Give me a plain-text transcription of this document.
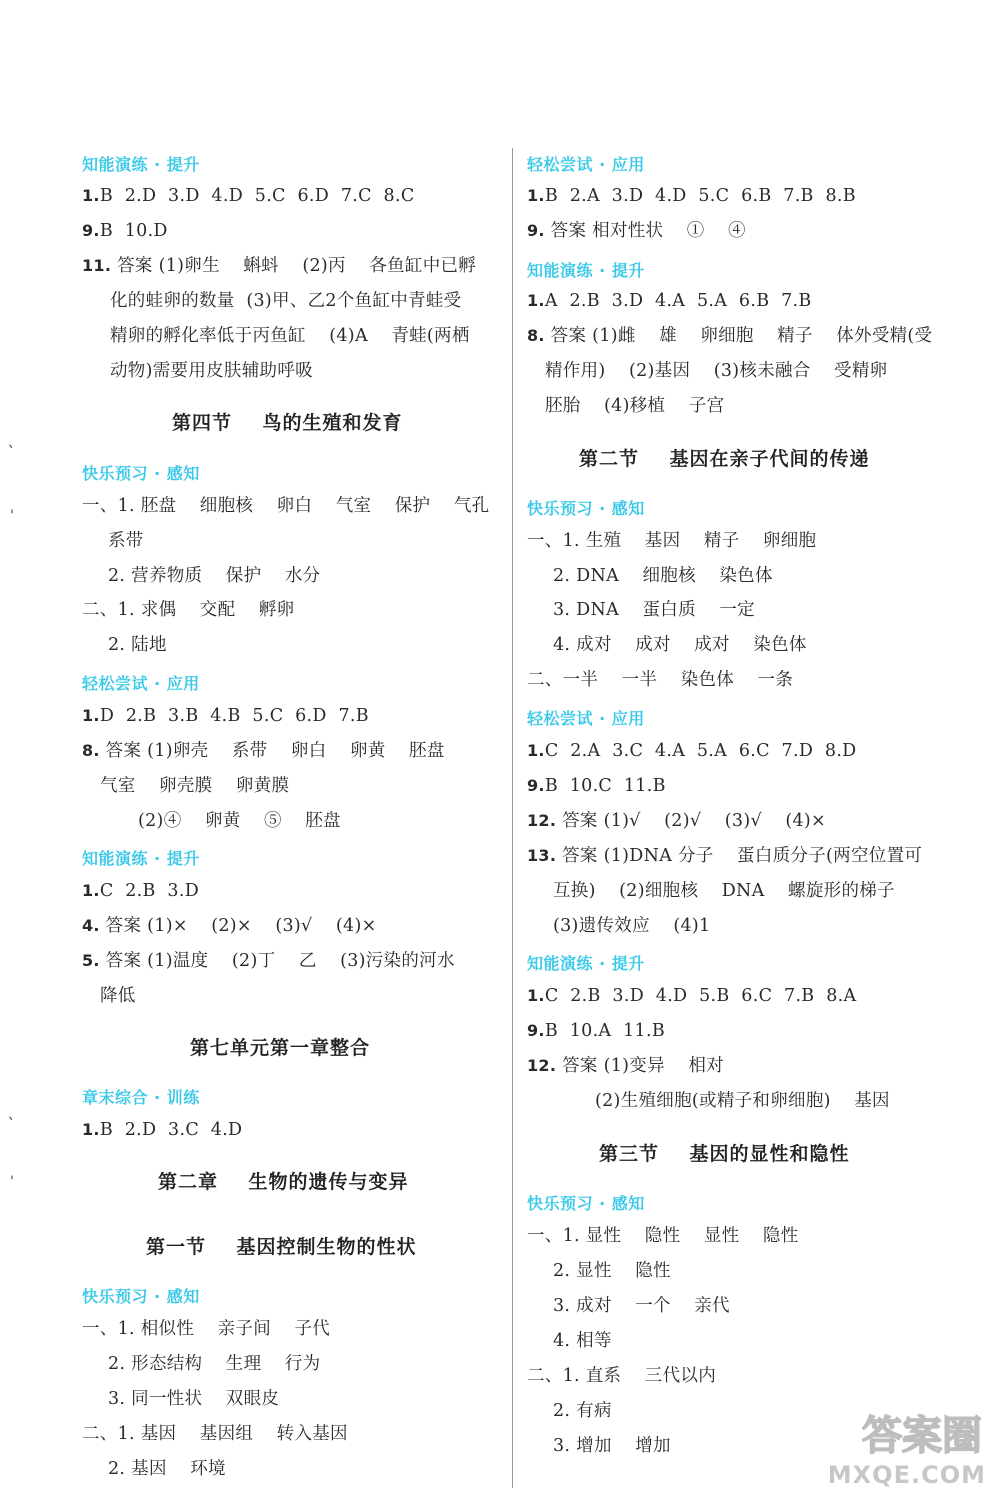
知能演练 · 提升
1.B  2.D  3.D  4.D  5.C  6.D  7.C  8.C
9.B  10.D
11. 答案 (1)卵生    蝌蚪    (2)丙    各鱼缸中已孵
化的蛙卵的数量  (3)甲、乙2个鱼缸中青蛙受
精卵的孵化率低于丙鱼缸    (4)A    青蛙(两栖
动物)需要用皮肤辅助呼吸
第四节    鸟的生殖和发育
快乐预习 · 感知
一、1. 胚盘    细胞核    卵白    气室    保护    气孔
系带
2. 营养物质    保护    水分
二、1. 求偶    交配    孵卵
2. 陆地
轻松尝试 · 应用
1.D  2.B  3.B  4.B  5.C  6.D  7.B
8. 答案 (1)卵壳    系带    卵白    卵黄    胚盘
气室    卵壳膜    卵黄膜
(2)④    卵黄    ⑤    胚盘
知能演练 · 提升
1.C  2.B  3.D
4. 答案 (1)×    (2)×    (3)√    (4)×
5. 答案 (1)温度    (2)丁    乙    (3)污染的河水
降低
第七单元第一章整合
章末综合 · 训练
1.B  2.D  3.C  4.D
第二章    生物的遗传与变异
第一节    基因控制生物的性状
快乐预习 · 感知
一、1. 相似性    亲子间    子代
2. 形态结构    生理    行为
3. 同一性状    双眼皮
二、1. 基因    基因组    转入基因
2. 基因    环境
轻松尝试 · 应用
1.B  2.A  3.D  4.D  5.C  6.B  7.B  8.B
9. 答案 相对性状    ①    ④
知能演练 · 提升
1.A  2.B  3.D  4.A  5.A  6.B  7.B
8. 答案 (1)雌    雄    卵细胞    精子    体外受精(受
精作用)    (2)基因    (3)核未融合    受精卵
胚胎    (4)移植    子宫
第二节    基因在亲子代间的传递
快乐预习 · 感知
一、1. 生殖    基因    精子    卵细胞
2. DNA    细胞核    染色体
3. DNA    蛋白质    一定
4. 成对    成对    成对    染色体
二、一半    一半    染色体    一条
轻松尝试 · 应用
1.C  2.A  3.C  4.A  5.A  6.C  7.D  8.D
9.B  10.C  11.B
12. 答案 (1)√    (2)√    (3)√    (4)×
13. 答案 (1)DNA 分子    蛋白质分子(两空位置可
互换)    (2)细胞核    DNA    螺旋形的梯子
(3)遗传效应    (4)1
知能演练 · 提升
1.C  2.B  3.D  4.D  5.B  6.C  7.B  8.A
9.B  10.A  11.B
12. 答案 (1)变异    相对
(2)生殖细胞(或精子和卵细胞)    基因
第三节    基因的显性和隐性
快乐预习 · 感知
一、1. 显性    隐性    显性    隐性
2. 显性    隐性
3. 成对    一个    亲代
4. 相等
二、1. 直系    三代以内
2. 有病
3. 增加    增加
、
'
、
'
答案圈
MXQE.COM
